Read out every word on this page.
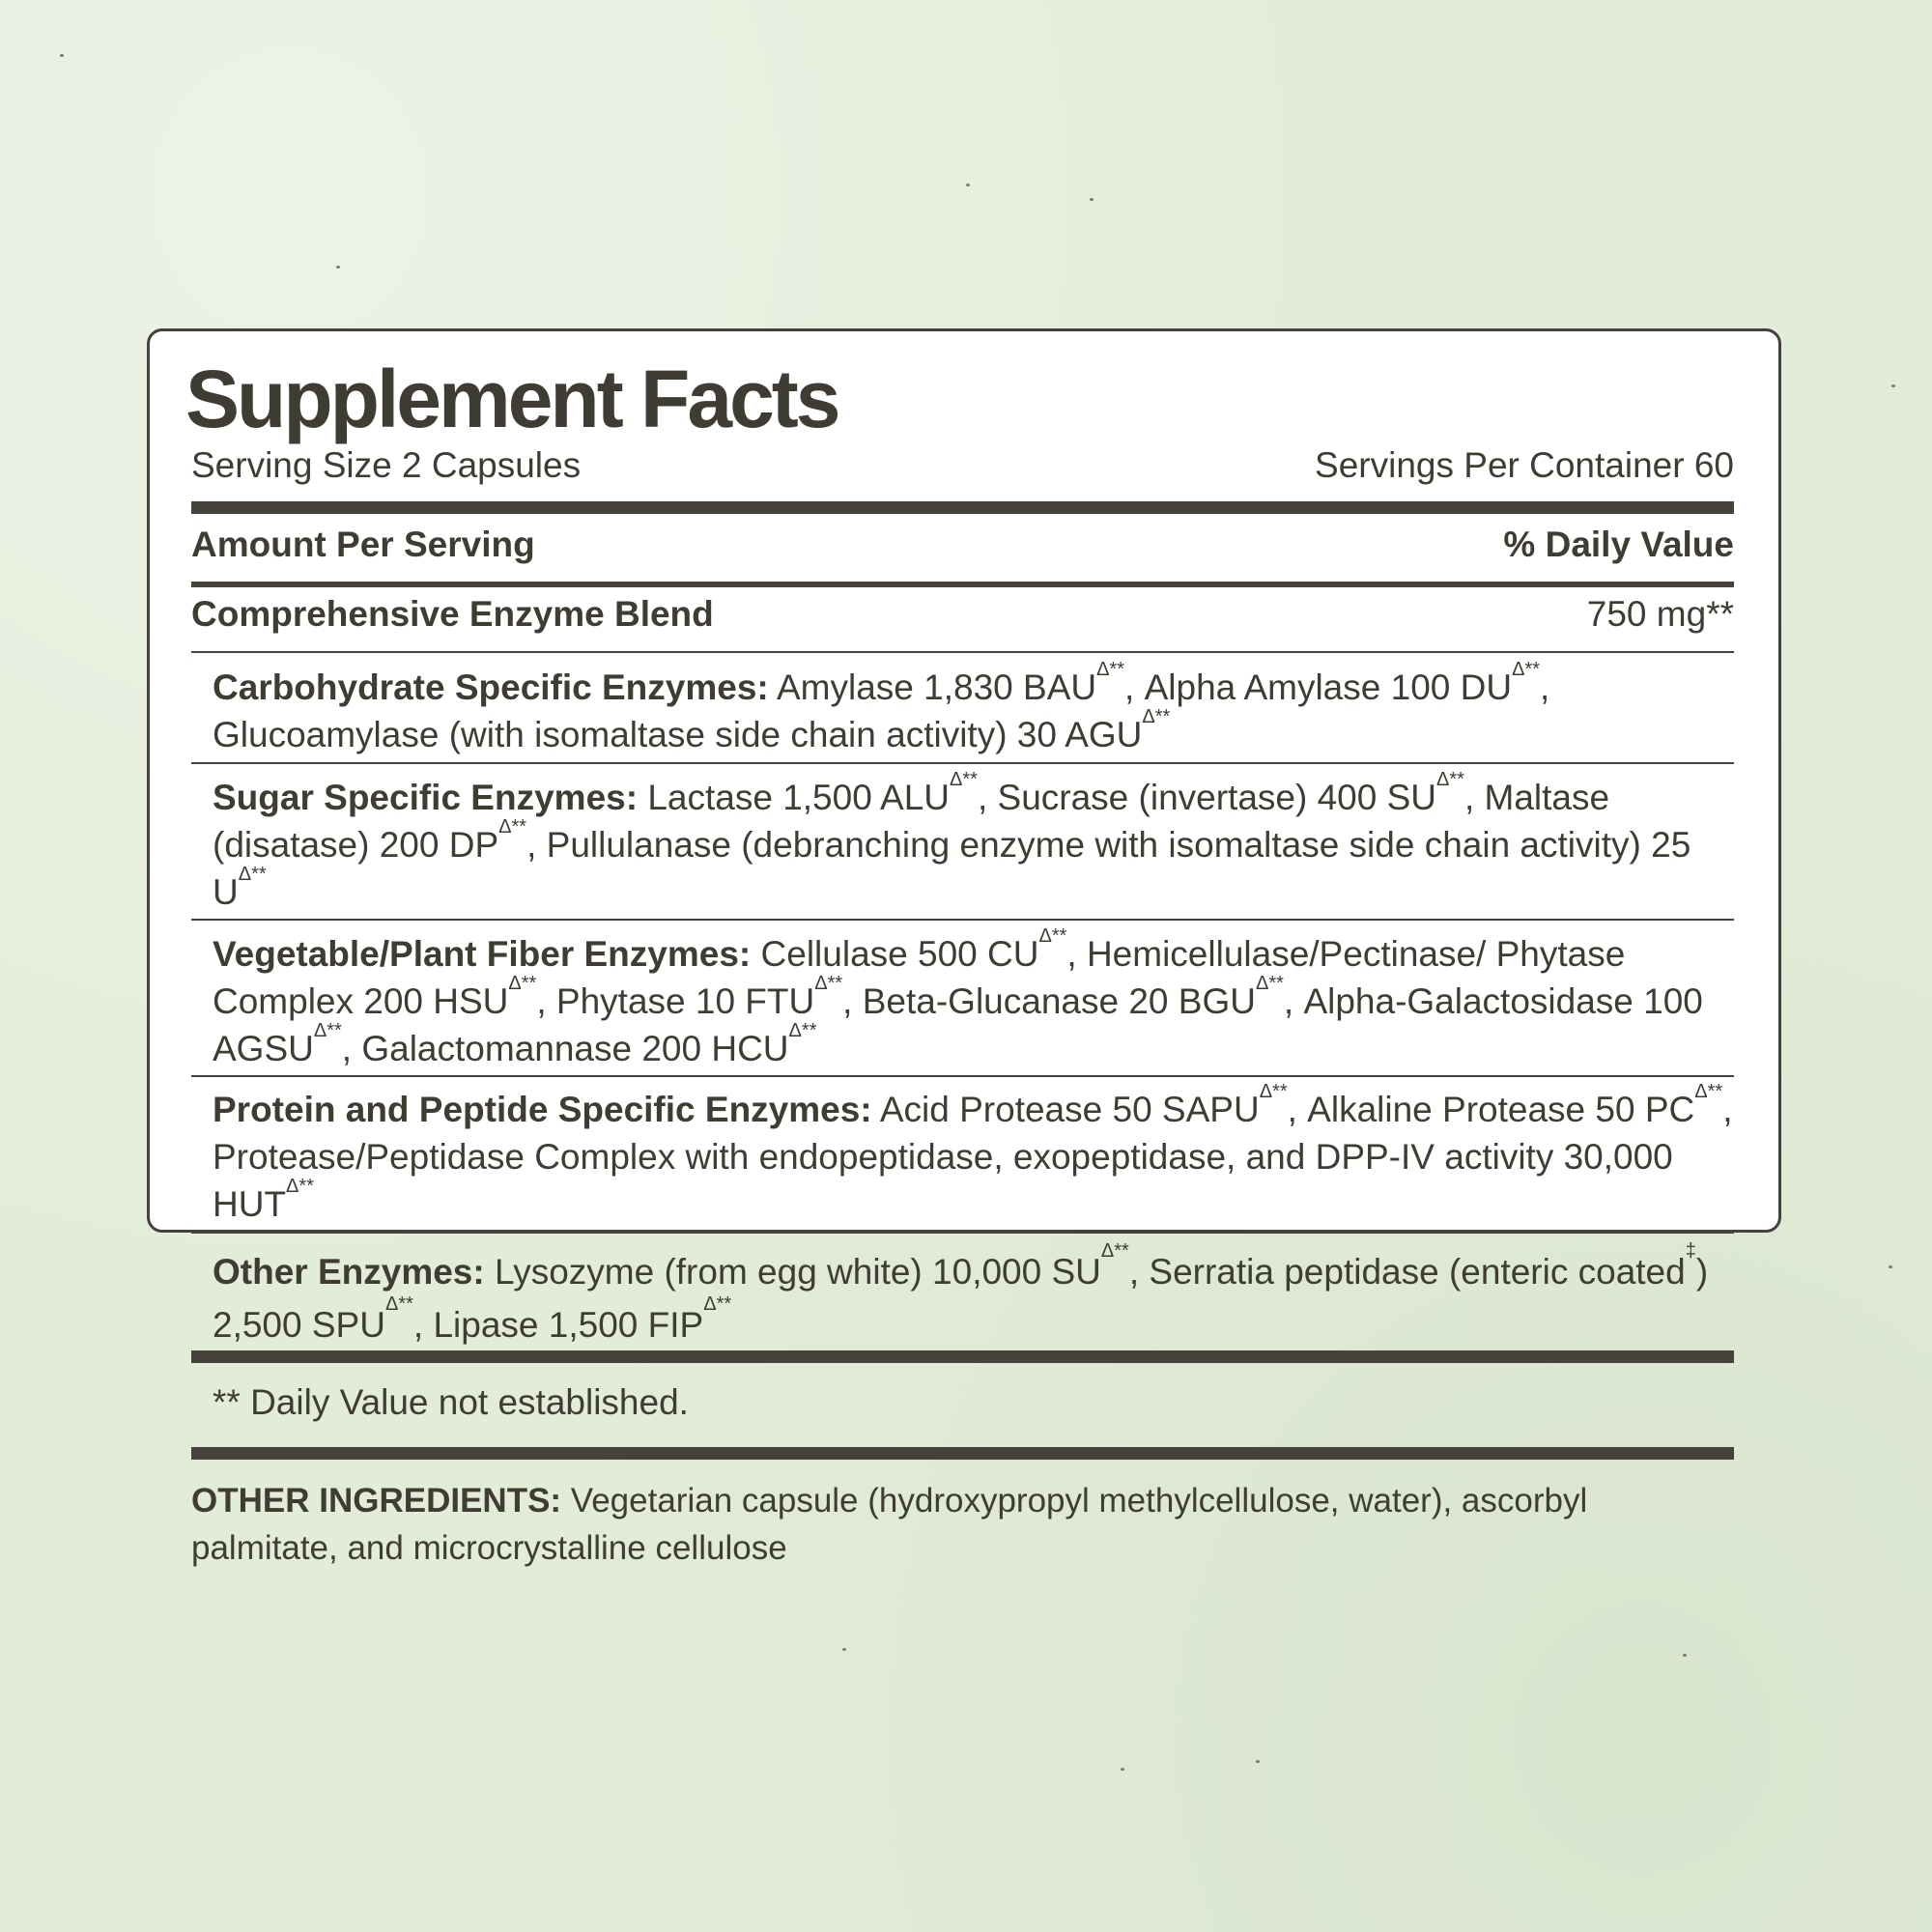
Supplement Facts
Serving Size 2 Capsules	Servings Per Container 60
Amount Per Serving	% Daily Value
Comprehensive Enzyme Blend	750 mg**
Carbohydrate Specific Enzymes: Amylase 1,830 $BAU^{\Delta**}$, Alpha Amylase 100 $DU^{\Delta**}$, Glucoamylase (with isomaltase side chain activity) 30 $AGU^{\Delta**}$
Sugar Specific Enzymes: Lactase 1,500 $ALU^{\Delta**}$, Sucrase (invertase) 400 $SU^{\Delta**}$, Maltase (disatase) 200 $DP^{\Delta**}$, Pullulanase (debranching enzyme with isomaltase side chain activity) 25 $U^{\Delta**}$
Vegetable/Plant Fiber Enzymes: Cellulase 500 $CU^{\Delta**}$, Hemicellulase/Pectinase/ Phytase Complex 200 $HSU^{\Delta**}$, Phytase 10 $FTU^{\Delta**}$, Beta-Glucanase 20 $BGU^{\Delta**}$, Alpha-Galactosidase 100 $AGSU^{\Delta**}$, Galactomannase 200 $HCU^{\Delta**}$
Protein and Peptide Specific Enzymes: Acid Protease 50 $SAPU^{\Delta**}$, Alkaline Protease 50 $PC^{\Delta**}$, Protease/Peptidase Complex with endopeptidase, exopeptidase, and DPP-IV activity 30,000 $HUT^{\Delta**}$
Other Enzymes: Lysozyme (from egg white) 10,000 $SU^{\Delta**}$, Serratia peptidase (enteric coated‡) 2,500 $SPU^{\Delta**}$, Lipase 1,500 $FIP^{\Delta**}$
** Daily Value not established.
OTHER INGREDIENTS: Vegetarian capsule (hydroxypropyl methylcellulose, water), ascorbyl palmitate, and microcrystalline cellulose
